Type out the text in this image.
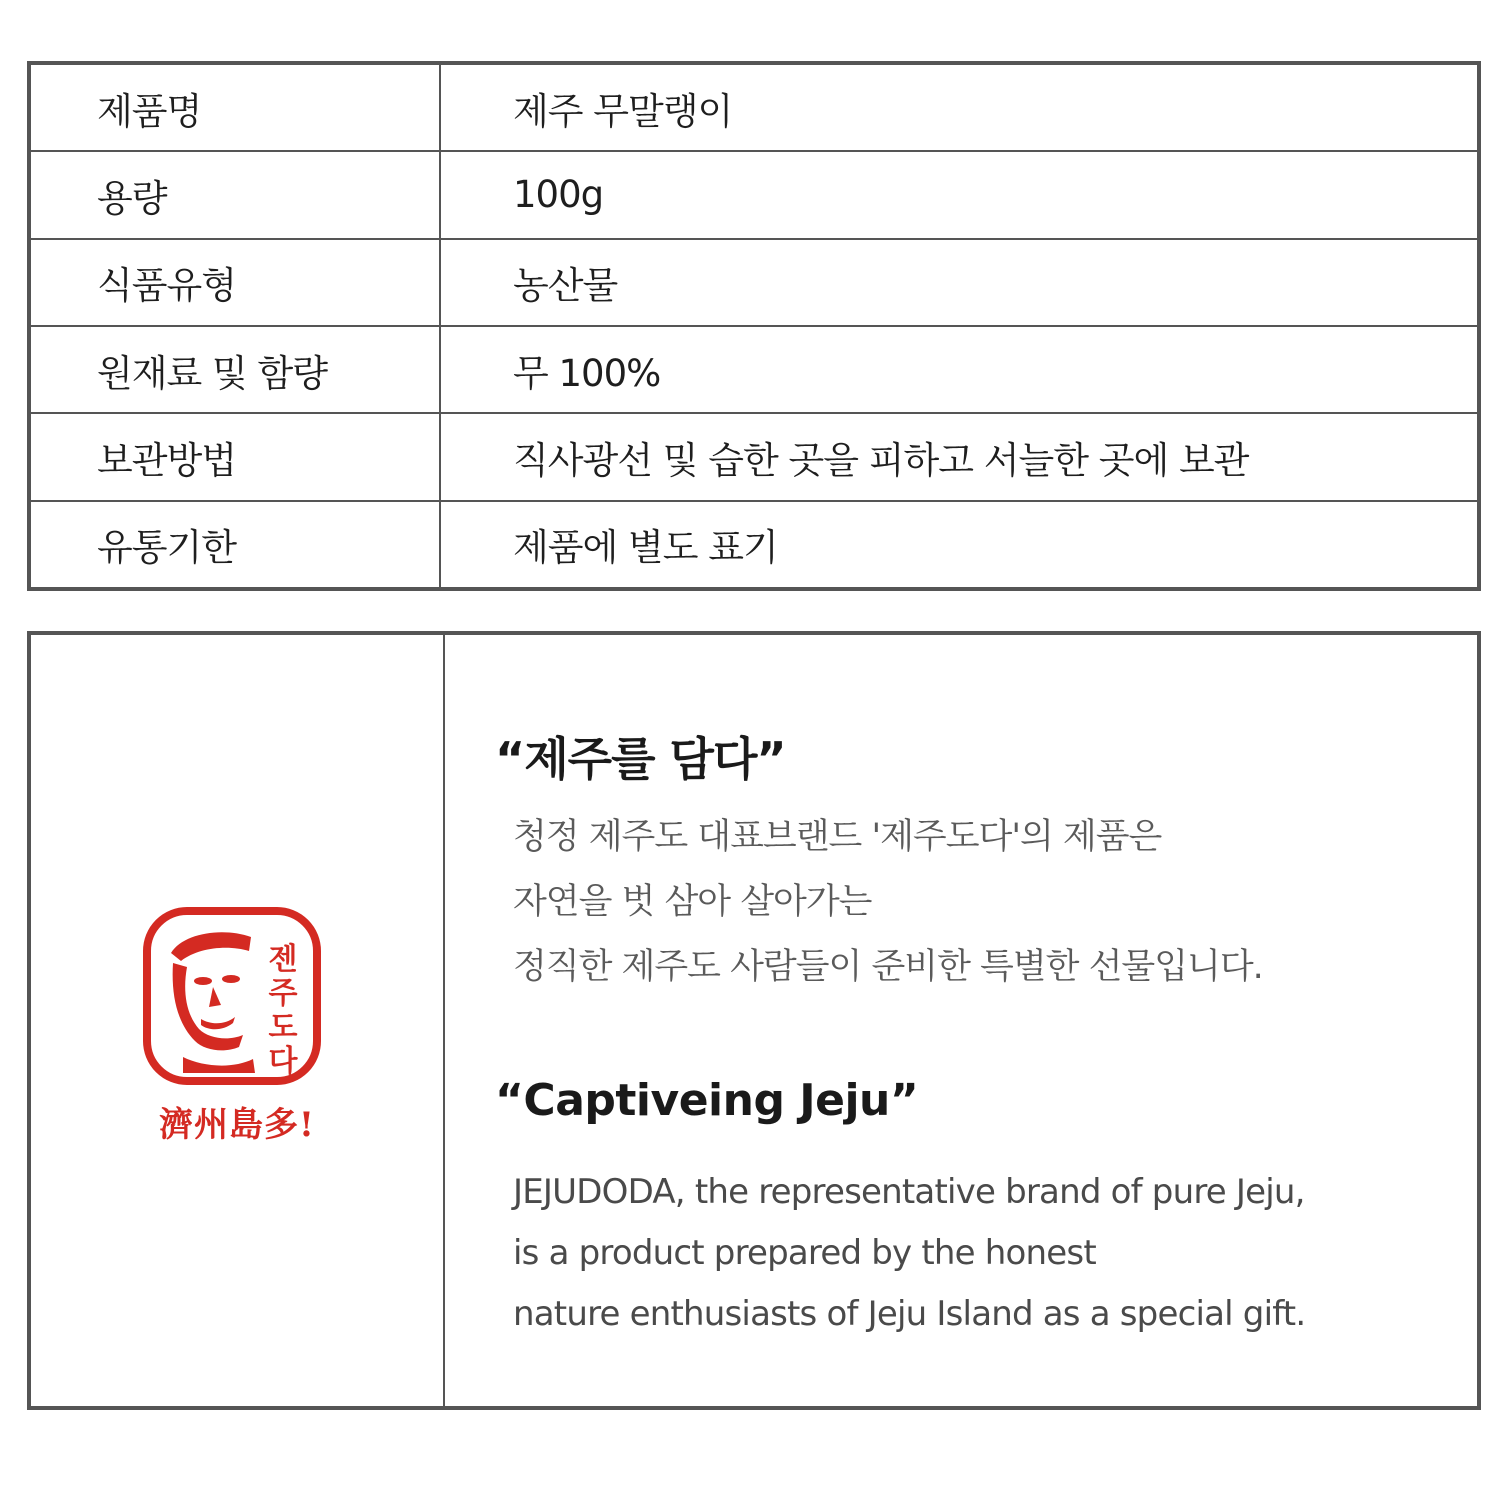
제품명	제주 무말랭이
용량	100g
식품유형	농산물
원재료 및 함량	무 100%
보관방법	직사광선 및 습한 곳을 피하고 서늘한 곳에 보관
유통기한	제품에 별도 표기
젠
주
도
다
濟州島多!
“제주를 담다”
청정 제주도 대표브랜드 '제주도다'의 제품은
자연을 벗 삼아 살아가는
정직한 제주도 사람들이 준비한 특별한 선물입니다.
“Captiveing Jeju”
JEJUDODA, the representative brand of pure Jeju,
is a product prepared by the honest
nature enthusiasts of Jeju Island as a special gift.
